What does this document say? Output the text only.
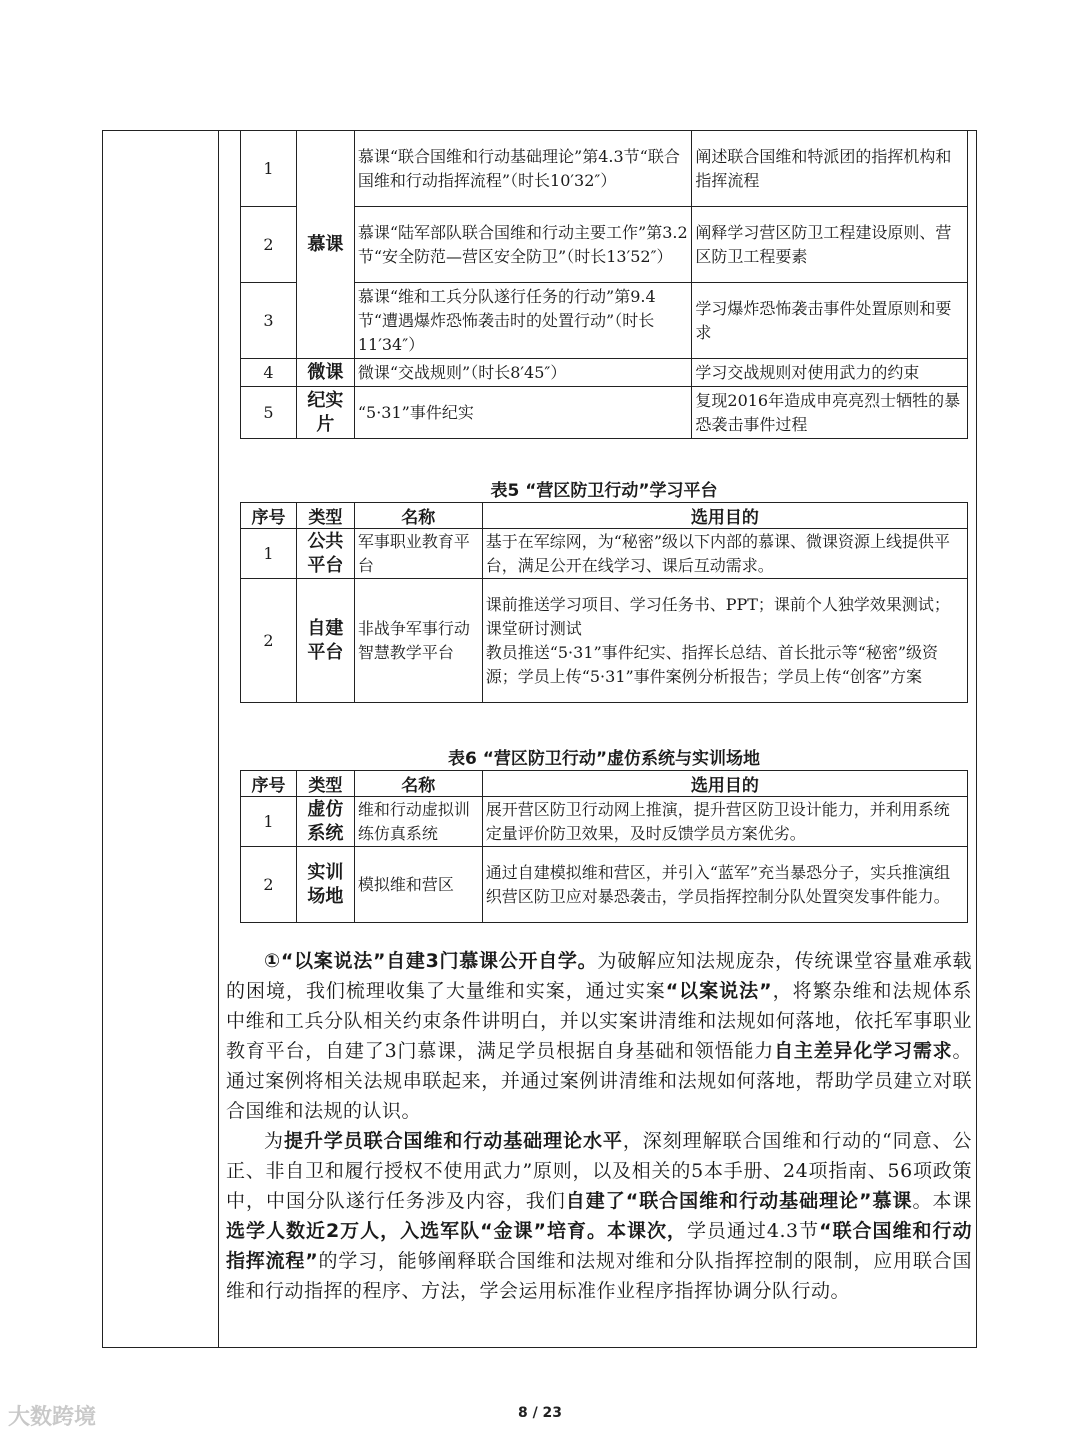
1	慕课	慕课“联合国维和行动基础理论”第4.3节“联合国维和行动指挥流程”（时长10′32″）	阐述联合国维和特派团的指挥机构和指挥流程
2		慕课“陆军部队联合国维和行动主要工作”第3.2节“安全防范—营区安全防卫”（时长13′52″）	阐释学习营区防卫工程建设原则、营区防卫工程要素
3		慕课“维和工兵分队遂行任务的行动”第9.4节“遭遇爆炸恐怖袭击时的处置行动”（时长11′34″）	学习爆炸恐怖袭击事件处置原则和要求
4	微课	微课“交战规则”（时长8′45″）	学习交战规则对使用武力的约束
5	纪实片	“5·31”事件纪实	复现2016年造成申亮亮烈士牺牲的暴恐袭击事件过程
表5 “营区防卫行动”学习平台
序号	类型	名称	选用目的
1	公共平台	军事职业教育平台	基于在军综网，为“秘密”级以下内部的慕课、微课资源上线提供平台，满足公开在线学习、课后互动需求。
2	自建平台	非战争军事行动智慧教学平台	课前推送学习项目、学习任务书、PPT；课前个人独学效果测试；课堂研讨测试
教员推送“5·31”事件纪实、指挥长总结、首长批示等“秘密”级资源；学员上传“5·31”事件案例分析报告；学员上传“创客”方案
表6 “营区防卫行动”虚仿系统与实训场地
序号	类型	名称	选用目的
1	虚仿系统	维和行动虚拟训练仿真系统	展开营区防卫行动网上推演，提升营区防卫设计能力，并利用系统定量评价防卫效果，及时反馈学员方案优劣。
2	实训场地	模拟维和营区	通过自建模拟维和营区，并引入“蓝军”充当暴恐分子，实兵推演组织营区防卫应对暴恐袭击，学员指挥控制分队处置突发事件能力。

①“以案说法”自建3门慕课公开自学。为破解应知法规庞杂，传统课堂容量难承载的困境，我们梳理收集了大量维和实案，通过实案“以案说法”，将繁杂维和法规体系中维和工兵分队相关约束条件讲明白，并以实案讲清维和法规如何落地，依托军事职业教育平台，自建了3门慕课，满足学员根据自身基础和领悟能力自主差异化学习需求。通过案例将相关法规串联起来，并通过案例讲清维和法规如何落地，帮助学员建立对联合国维和法规的认识。

为提升学员联合国维和行动基础理论水平，深刻理解联合国维和行动的“同意、公正、非自卫和履行授权不使用武力”原则，以及相关的5本手册、24项指南、56项政策中，中国分队遂行任务涉及内容，我们自建了“联合国维和行动基础理论”慕课。本课选学人数近2万人，入选军队“金课”培育。本课次，学员通过4.3节“联合国维和行动指挥流程”的学习，能够阐释联合国维和法规对维和分队指挥控制的限制，应用联合国维和行动指挥的程序、方法，学会运用标准作业程序指挥协调分队行动。

大数跨境	8 / 23
